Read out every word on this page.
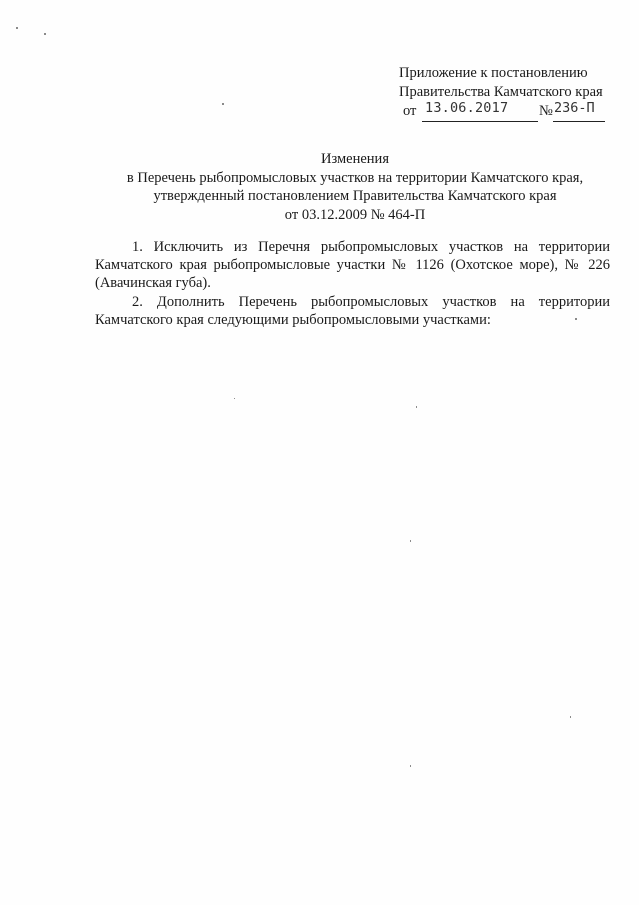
Приложение к постановлению
Правительства Камчатского края
от 13.06.2017 № 236-П
Изменения
в Перечень рыбопромысловых участков на территории Камчатского края,
утвержденный постановлением Правительства Камчатского края
от 03.12.2009 № 464-П

1. Исключить из Перечня рыбопромысловых участков на территории Камчатского края рыбопромысловые участки № 1126 (Охотское море), № 226 (Авачинская губа).

2. Дополнить Перечень рыбопромысловых участков на территории Камчатского края следующими рыбопромысловыми участками:
